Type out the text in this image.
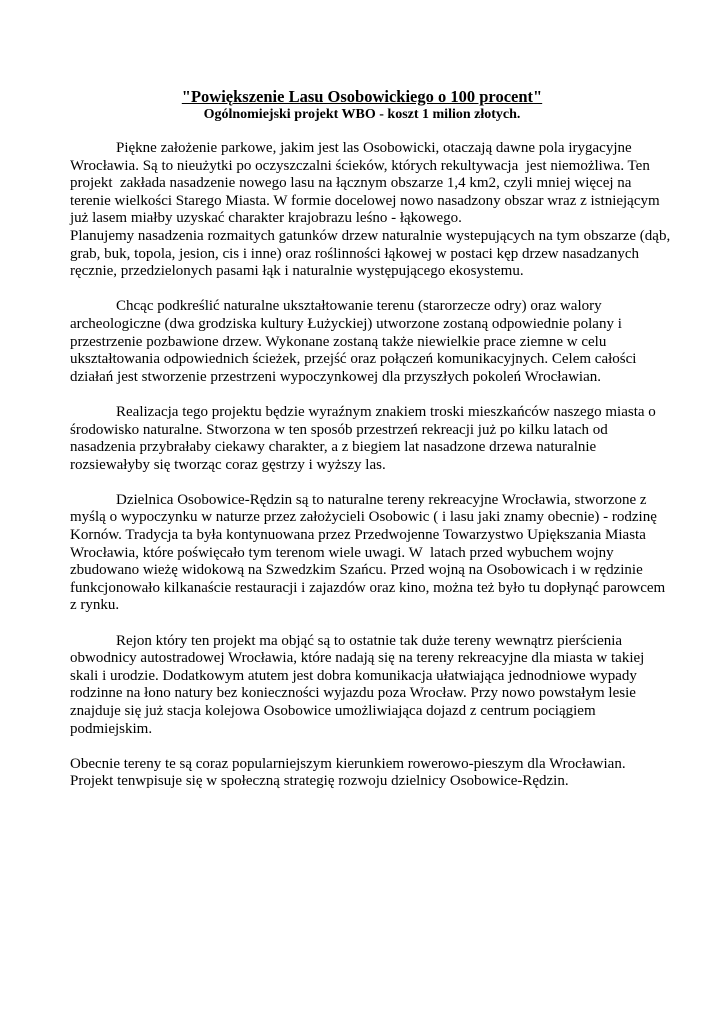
"Powiększenie Lasu Osobowickiego o 100 procent"
Ogólnomiejski projekt WBO - koszt 1 milion złotych.
Piękne założenie parkowe, jakim jest las Osobowicki, otaczają dawne pola irygacyjne
Wrocławia. Są to nieużytki po oczyszczalni ścieków, których rekultywacja  jest niemożliwa. Ten
projekt  zakłada nasadzenie nowego lasu na łącznym obszarze 1,4 km2, czyli mniej więcej na
terenie wielkości Starego Miasta. W formie docelowej nowo nasadzony obszar wraz z istniejącym
już lasem miałby uzyskać charakter krajobrazu leśno - łąkowego.
Planujemy nasadzenia rozmaitych gatunków drzew naturalnie wystepujących na tym obszarze (dąb,
grab, buk, topola, jesion, cis i inne) oraz roślinności łąkowej w postaci kęp drzew nasadzanych
ręcznie, przedzielonych pasami łąk i naturalnie występującego ekosystemu.
Chcąc podkreślić naturalne ukształtowanie terenu (starorzecze odry) oraz walory
archeologiczne (dwa grodziska kultury Łużyckiej) utworzone zostaną odpowiednie polany i
przestrzenie pozbawione drzew. Wykonane zostaną także niewielkie prace ziemne w celu
ukształtowania odpowiednich ścieżek, przejść oraz połączeń komunikacyjnych. Celem całości
działań jest stworzenie przestrzeni wypoczynkowej dla przyszłych pokoleń Wrocławian.
Realizacja tego projektu będzie wyraźnym znakiem troski mieszkańców naszego miasta o
środowisko naturalne. Stworzona w ten sposób przestrzeń rekreacji już po kilku latach od
nasadzenia przybrałaby ciekawy charakter, a z biegiem lat nasadzone drzewa naturalnie
rozsiewałyby się tworząc coraz gęstrzy i wyższy las.
Dzielnica Osobowice-Rędzin są to naturalne tereny rekreacyjne Wrocławia, stworzone z
myślą o wypoczynku w naturze przez założycieli Osobowic ( i lasu jaki znamy obecnie) - rodzinę
Kornów. Tradycja ta była kontynuowana przez Przedwojenne Towarzystwo Upiększania Miasta
Wrocławia, które poświęcało tym terenom wiele uwagi. W  latach przed wybuchem wojny
zbudowano wieżę widokową na Szwedzkim Szańcu. Przed wojną na Osobowicach i w rędzinie
funkcjonowało kilkanaście restauracji i zajazdów oraz kino, można też było tu dopłynąć parowcem
z rynku.
Rejon który ten projekt ma objąć są to ostatnie tak duże tereny wewnątrz pierścienia
obwodnicy autostradowej Wrocławia, które nadają się na tereny rekreacyjne dla miasta w takiej
skali i urodzie. Dodatkowym atutem jest dobra komunikacja ułatwiająca jednodniowe wypady
rodzinne na łono natury bez konieczności wyjazdu poza Wrocław. Przy nowo powstałym lesie
znajduje się już stacja kolejowa Osobowice umożliwiająca dojazd z centrum pociągiem
podmiejskim.
Obecnie tereny te są coraz popularniejszym kierunkiem rowerowo-pieszym dla Wrocławian.
Projekt tenwpisuje się w społeczną strategię rozwoju dzielnicy Osobowice-Rędzin.
